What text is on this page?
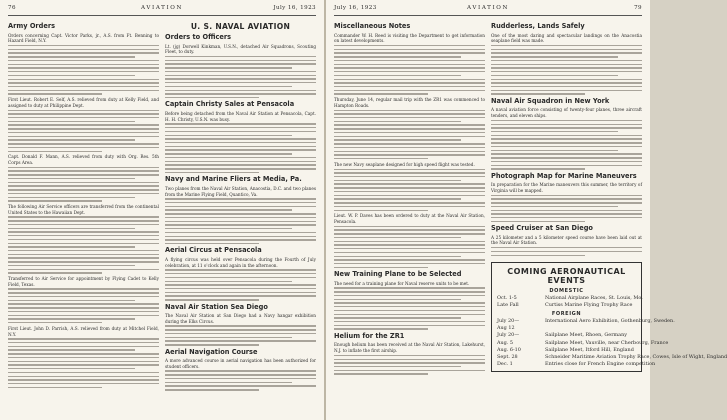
76	AVIATION	July 16, 1923
Army Orders
Orders concerning Capt. Victor Parks, jr., A.S. from Ft. Benning to Hazard Field, N.Y.
First Lieut. Robert E. Self, A.S. relieved from duty at Kelly Field, and assigned to duty at Philippine Dept.
Capt. Donald F. Mann, A.S. relieved from duty with Org. Res. 5th Corps Area.
The following Air Service officers are transferred from the continental United States to the Hawaiian Dept.
Transferred to Air Service for appointment by Flying Cadet to Kelly Field, Texas.
First Lieut. John D. Parrish, A.S. relieved from duty at Mitchel Field, N.Y.
U. S. NAVAL AVIATION
Orders to Officers
Lt. (jg) Dorwell Kinkman, U.S.N., detached Air Squadrons, Scouting Fleet, to duty.
Captain Christy Sales at Pensacola
Before being detached from the Naval Air Station at Pensacola, Capt. H. H. Christy, U.S.N. was busy.
Navy and Marine Fliers at Media, Pa.
Two planes from the Naval Air Station, Anacostia, D.C. and two planes from the Marine Flying Field, Quantico, Va.
Aerial Circus at Pensacola
A flying circus was held over Pensacola during the Fourth of July celebration, at 11 o'clock and again in the afternoon.
Naval Air Station Sea Diego
The Naval Air Station at San Diego had a Navy hangar exhibition during the Elks Circus.
Aerial Navigation Course
A more advanced course in aerial navigation has been authorized for student officers.
July 16, 1923	AVIATION	79
Miscellaneous Notes
Commander W. H. Reed is visiting the Department to get information on latest developments.
Thursday, June 14, regular mail trip with the ZR1 was commenced to Hampton Roads.
The new Navy seaplane designed for high speed flight was tested.
Lieut. W. P. Daves has been ordered to duty at the Naval Air Station, Pensacola.
New Training Plane to be Selected
The need for a training plane for Naval reserve units to be met.
Helium for the ZR1
Enough helium has been received at the Naval Air Station, Lakehurst, N.J. to inflate the first airship.
Rudderless, Lands Safely
One of the most daring and spectacular landings on the Anacostia seaplane field was made.
Naval Air Squadron in New York
A naval aviation force consisting of twenty-four planes, three aircraft tenders, and eleven ships.
Photograph Map for Marine Maneuvers
In preparation for the Marine maneuvers this summer, the territory of Virginia will be mapped.
Speed Cruiser at San Diego
A 25 kilometer and a 5 kilometer speed course have been laid out at the Naval Air Station.
COMING AERONAUTICAL EVENTS
DOMESTIC
Oct. 1-5	National Airplane Races, St. Louis, Mo.
Late Fall	Curtiss Marine Flying Trophy Race
FOREIGN
July 20—	International Aero Exhibition, Gothenburg, Sweden.
Aug 12
July 20—	Sailplane Meet, Rhoen, Germany
Aug. 5	Sailplane Meet, Vauville, near Cherbourg, France
Aug. 6-10	Sailplane Meet, Itford Hill, England
Sept. 28	Schneider Maritime Aviation Trophy Race, Cowes, Isle of Wight, England
Dec. 1	Entries close for French Engine competition
